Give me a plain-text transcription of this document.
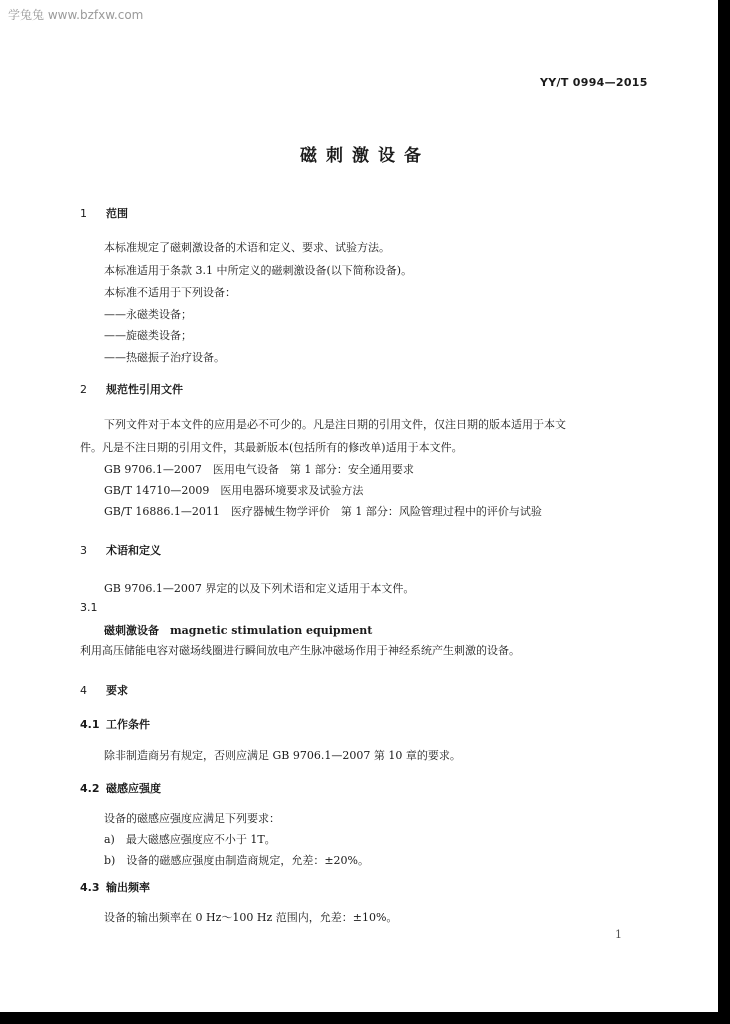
学兔兔 www.bzfxw.com
YY/T 0994—2015
磁刺激设备
1 范围
本标准规定了磁刺激设备的术语和定义、要求、试验方法。
本标准适用于条款 3.1 中所定义的磁刺激设备(以下简称设备)。
本标准不适用于下列设备：
——永磁类设备；
——旋磁类设备；
——热磁振子治疗设备。
2 规范性引用文件
下列文件对于本文件的应用是必不可少的。凡是注日期的引用文件，仅注日期的版本适用于本文
件。凡是不注日期的引用文件，其最新版本(包括所有的修改单)适用于本文件。
GB 9706.1—2007　医用电气设备　第 1 部分：安全通用要求
GB/T 14710—2009　医用电器环境要求及试验方法
GB/T 16886.1—2011　医疗器械生物学评价　第 1 部分：风险管理过程中的评价与试验
3 术语和定义
GB 9706.1—2007 界定的以及下列术语和定义适用于本文件。
3.1
磁刺激设备　magnetic stimulation equipment
利用高压储能电容对磁场线圈进行瞬间放电产生脉冲磁场作用于神经系统产生刺激的设备。
4 要求
4.1 工作条件
除非制造商另有规定，否则应满足 GB 9706.1—2007 第 10 章的要求。
4.2 磁感应强度
设备的磁感应强度应满足下列要求：
a)　最大磁感应强度应不小于 1T。
b)　设备的磁感应强度由制造商规定，允差：±20%。
4.3 输出频率
设备的输出频率在 0 Hz～100 Hz 范围内，允差：±10%。
1
